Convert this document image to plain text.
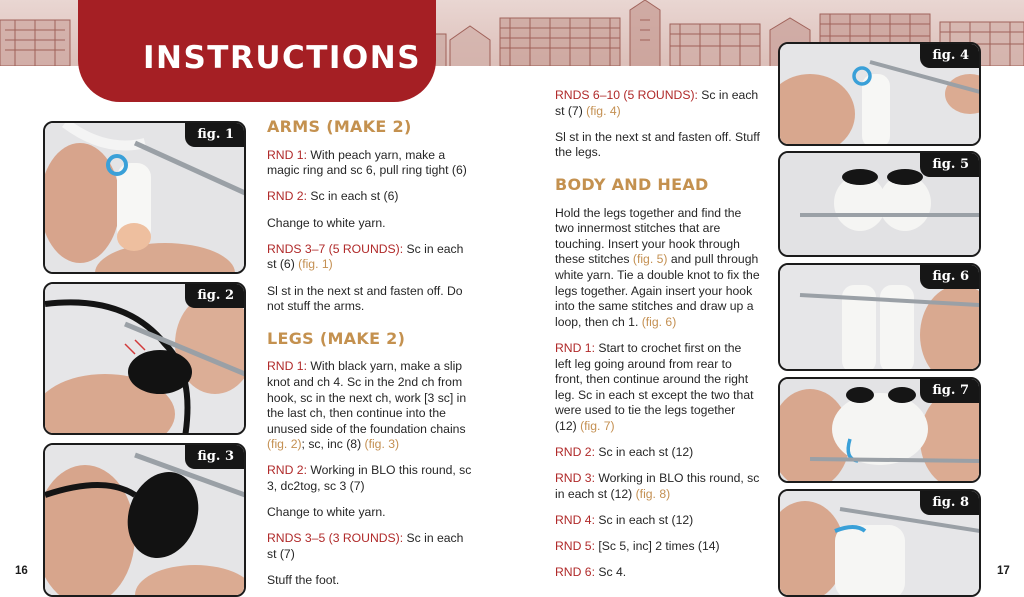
INSTRUCTIONS
fig. 1
fig. 2
fig. 3
fig. 4
fig. 5
fig. 6
fig. 7
fig. 8
ARMS (MAKE 2)

RND 1: With peach yarn, make a magic ring and sc 6, pull ring tight (6)

RND 2: Sc in each st (6)

Change to white yarn.

RNDS 3–7 (5 ROUNDS): Sc in each st (6) (fig. 1)

Sl st in the next st and fasten off. Do not stuff the arms.

LEGS (MAKE 2)

RND 1: With black yarn, make a slip knot and ch 4. Sc in the 2nd ch from hook, sc in the next ch, work [3 sc] in the last ch, then continue into the unused side of the foundation chains (fig. 2); sc, inc (8) (fig. 3)

RND 2: Working in BLO this round, sc 3, dc2tog, sc 3 (7)

Change to white yarn.

RNDS 3–5 (3 ROUNDS): Sc in each st (7)

Stuff the foot.

RNDS 6–10 (5 ROUNDS): Sc in each st (7) (fig. 4)

Sl st in the next st and fasten off. Stuff the legs.

BODY AND HEAD

Hold the legs together and find the two innermost stitches that are touching. Insert your hook through these stitches (fig. 5) and pull through white yarn. Tie a double knot to fix the legs together. Again insert your hook into the same stitches and draw up a loop, then ch 1. (fig. 6)

RND 1: Start to crochet first on the left leg going around from rear to front, then continue around the right leg. Sc in each st except the two that were used to tie the legs together (12) (fig. 7)

RND 2: Sc in each st (12)

RND 3: Working in BLO this round, sc in each st (12) (fig. 8)

RND 4: Sc in each st (12)

RND 5: [Sc 5, inc] 2 times (14)

RND 6: Sc 4.

16	17
